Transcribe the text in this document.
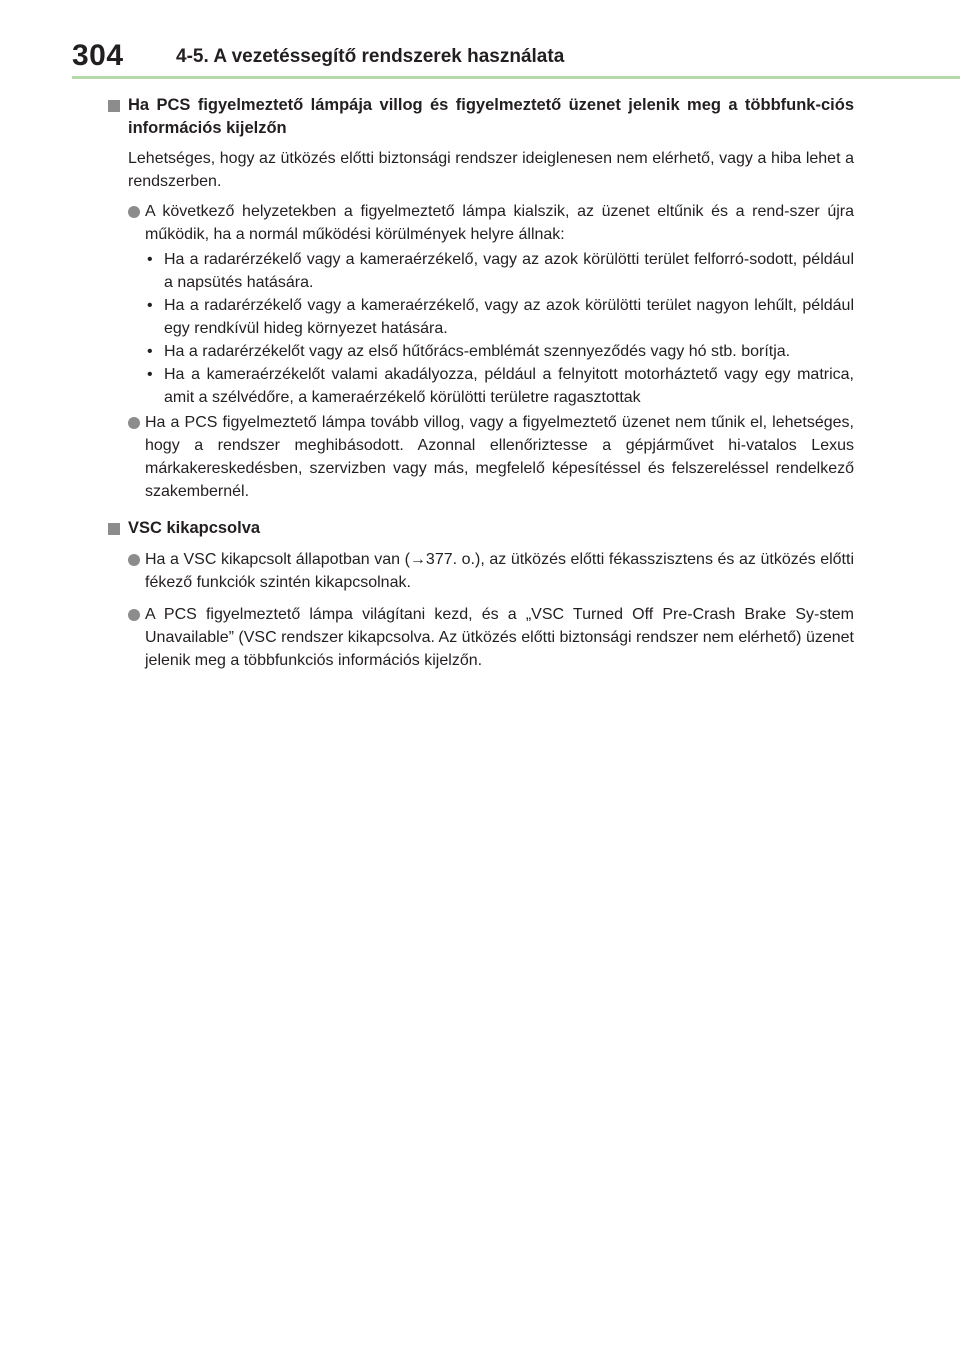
304	4-5. A vezetéssegítő rendszerek használata
Ha PCS figyelmeztető lámpája villog és figyelmeztető üzenet jelenik meg a többfunk-ciós információs kijelzőn
Lehetséges, hogy az ütközés előtti biztonsági rendszer ideiglenesen nem elérhető, vagy a hiba lehet a rendszerben.
A következő helyzetekben a figyelmeztető lámpa kialszik, az üzenet eltűnik és a rend-szer újra működik, ha a normál működési körülmények helyre állnak:
• Ha a radarérzékelő vagy a kameraérzékelő, vagy az azok körülötti terület felforró-sodott, például a napsütés hatására.
• Ha a radarérzékelő vagy a kameraérzékelő, vagy az azok körülötti terület nagyon lehűlt, például egy rendkívül hideg környezet hatására.
• Ha a radarérzékelőt vagy az első hűtőrács-emblémát szennyeződés vagy hó stb. borítja.
• Ha a kameraérzékelőt valami akadályozza, például a felnyitott motorháztető vagy egy matrica, amit a szélvédőre, a kameraérzékelő körülötti területre ragasztottak
Ha a PCS figyelmeztető lámpa tovább villog, vagy a figyelmeztető üzenet nem tűnik el, lehetséges, hogy a rendszer meghibásodott. Azonnal ellenőriztesse a gépjárművet hi-vatalos Lexus márkakereskedésben, szervizben vagy más, megfelelő képesítéssel és felszereléssel rendelkező szakembernél.
VSC kikapcsolva
Ha a VSC kikapcsolt állapotban van (→377. o.), az ütközés előtti fékasszisztens és az ütközés előtti fékező funkciók szintén kikapcsolnak.
A PCS figyelmeztető lámpa világítani kezd, és a „VSC Turned Off Pre-Crash Brake Sy-stem Unavailable” (VSC rendszer kikapcsolva. Az ütközés előtti biztonsági rendszer nem elérhető) üzenet jelenik meg a többfunkciós információs kijelzőn.
